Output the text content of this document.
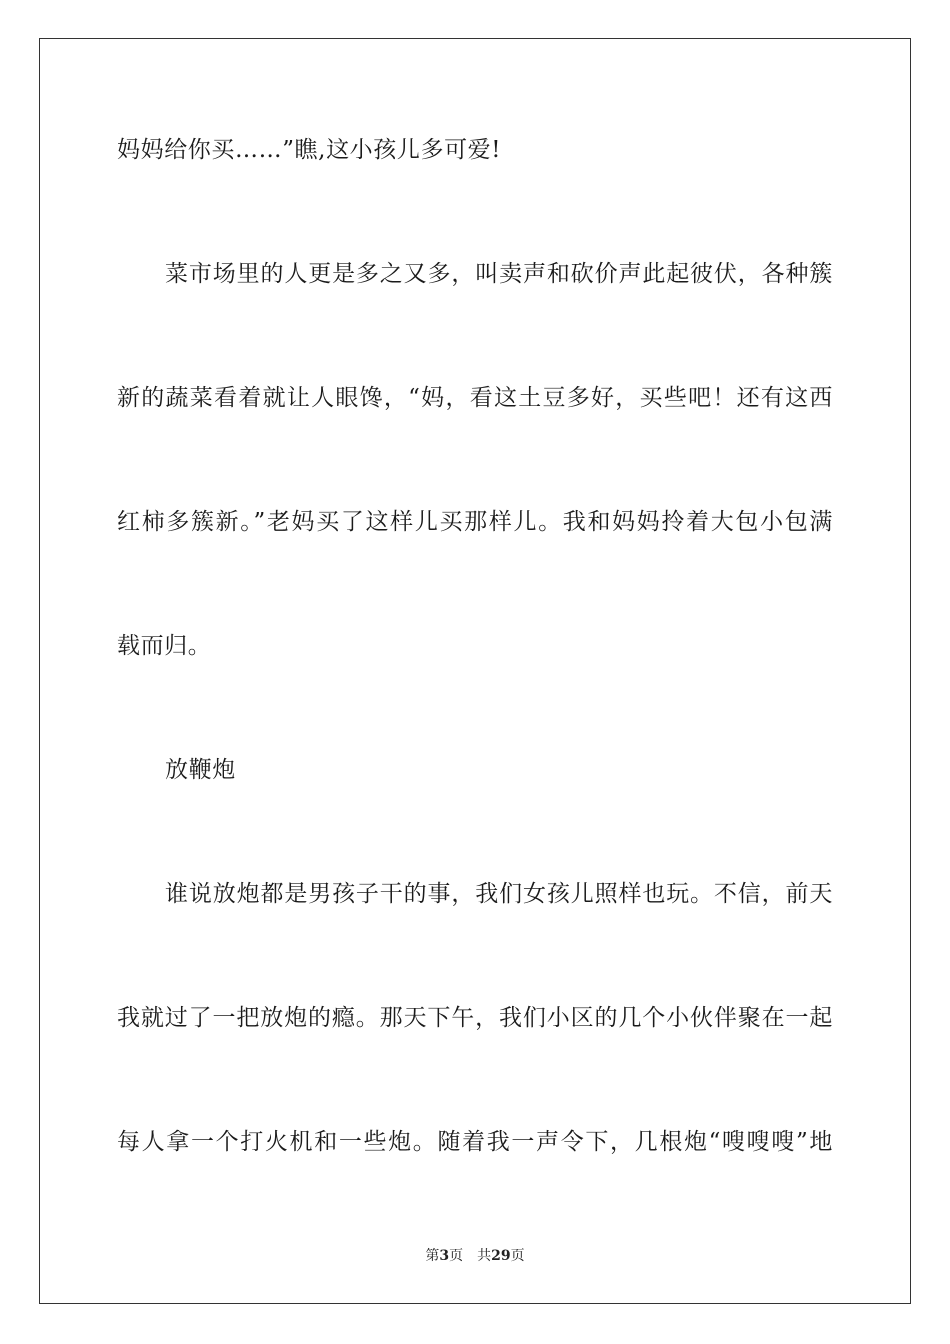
妈妈给你买……”瞧,这小孩儿多可爱!
菜市场里的人更是多之又多，叫卖声和砍价声此起彼伏，各种簇
新的蔬菜看着就让人眼馋，“妈，看这土豆多好，买些吧！还有这西
红柿多簇新。”老妈买了这样儿买那样儿。我和妈妈拎着大包小包满
载而归。
放鞭炮
谁说放炮都是男孩子干的事，我们女孩儿照样也玩。不信，前天
我就过了一把放炮的瘾。那天下午，我们小区的几个小伙伴聚在一起
每人拿一个打火机和一些炮。随着我一声令下，几根炮“嗖嗖嗖”地
第3页 共29页
